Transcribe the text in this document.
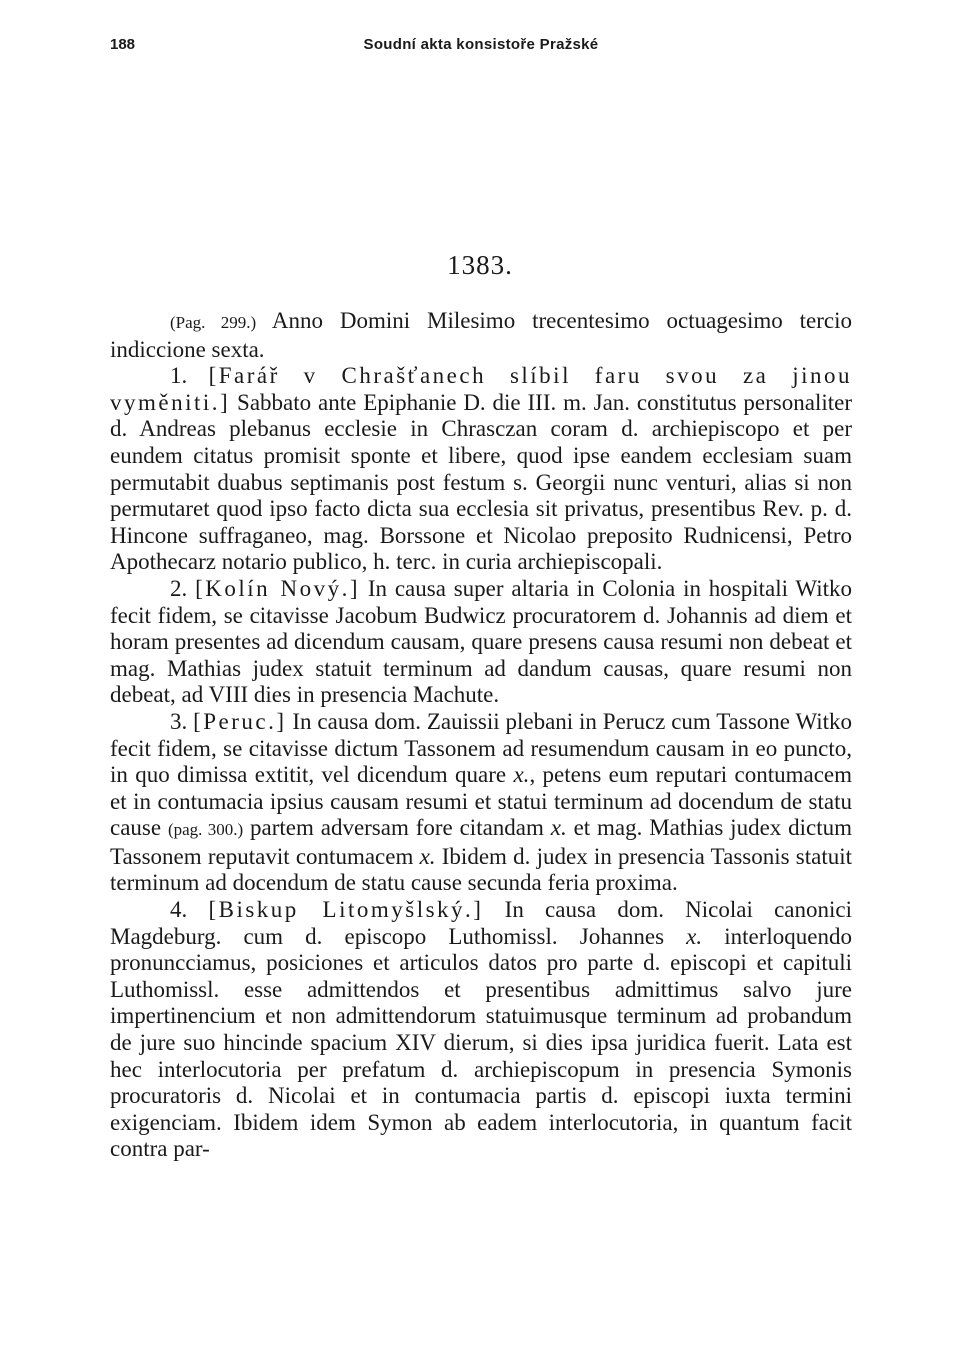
188	Soudní akta konsistoře Pražské
1383.

(Pag. 299.) Anno Domini Milesimo trecentesimo octuagesimo tercio indiccione sexta.

1. [Farář v Chrašťanech slíbil faru svou za jinou vyměniti.] Sabbato ante Epiphanie D. die III. m. Jan. constitutus personaliter d. Andreas plebanus ecclesie in Chrasczan coram d. archiepiscopo et per eundem citatus promisit sponte et libere, quod ipse eandem ecclesiam suam permutabit duabus septimanis post festum s. Georgii nunc venturi, alias si non permutaret quod ipso facto dicta sua ecclesia sit privatus, presentibus Rev. p. d. Hincone suffraganeo, mag. Borssone et Nicolao preposito Rudnicensi, Petro Apothecarz notario publico, h. terc. in curia archiepiscopali.

2. [Kolín Nový.] In causa super altaria in Colonia in hospitali Witko fecit fidem, se citavisse Jacobum Budwicz procuratorem d. Johannis ad diem et horam presentes ad dicendum causam, quare presens causa resumi non debeat et mag. Mathias judex statuit terminum ad dandum causas, quare resumi non debeat, ad VIII dies in presencia Machute.

3. [Peruc.] In causa dom. Zauissii plebani in Perucz cum Tassone Witko fecit fidem, se citavisse dictum Tassonem ad resumendum causam in eo puncto, in quo dimissa extitit, vel dicendum quare x., petens eum reputari contumacem et in contumacia ipsius causam resumi et statui terminum ad docendum de statu cause (pag. 300.) partem adversam fore citandam x. et mag. Mathias judex dictum Tassonem reputavit contumacem x. Ibidem d. judex in presencia Tassonis statuit terminum ad docendum de statu cause secunda feria proxima.

4. [Biskup Litomyšlský.] In causa dom. Nicolai canonici Magdeburg. cum d. episcopo Luthomissl. Johannes x. interloquendo pronuncciamus, posiciones et articulos datos pro parte d. episcopi et capituli Luthomissl. esse admittendos et presentibus admittimus salvo jure impertinencium et non admittendorum statuimusque terminum ad probandum de jure suo hincinde spacium XIV dierum, si dies ipsa juridica fuerit. Lata est hec interlocutoria per prefatum d. archiepiscopum in presencia Symonis procuratoris d. Nicolai et in contumacia partis d. episcopi iuxta termini exigenciam. Ibidem idem Symon ab eadem interlocutoria, in quantum facit contra par-
